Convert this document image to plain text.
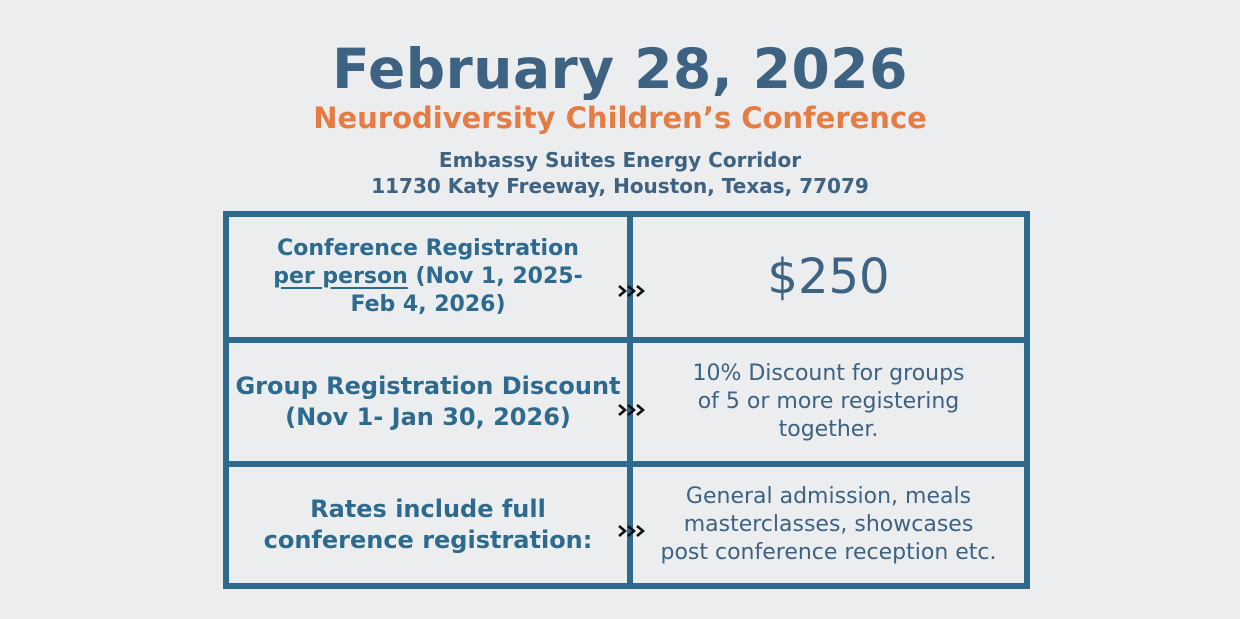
February 28, 2026
Neurodiversity Children’s Conference
Embassy Suites Energy Corridor
11730 Katy Freeway, Houston, Texas, 77079
Conference Registration
per person (Nov 1, 2025-
Feb 4, 2026)	$250
Group Registration Discount
(Nov 1- Jan 30, 2026)
10% Discount for groups
of 5 or more registering
together.
Rates include full
conference registration:
General admission, meals
masterclasses, showcases
post conference reception etc.
